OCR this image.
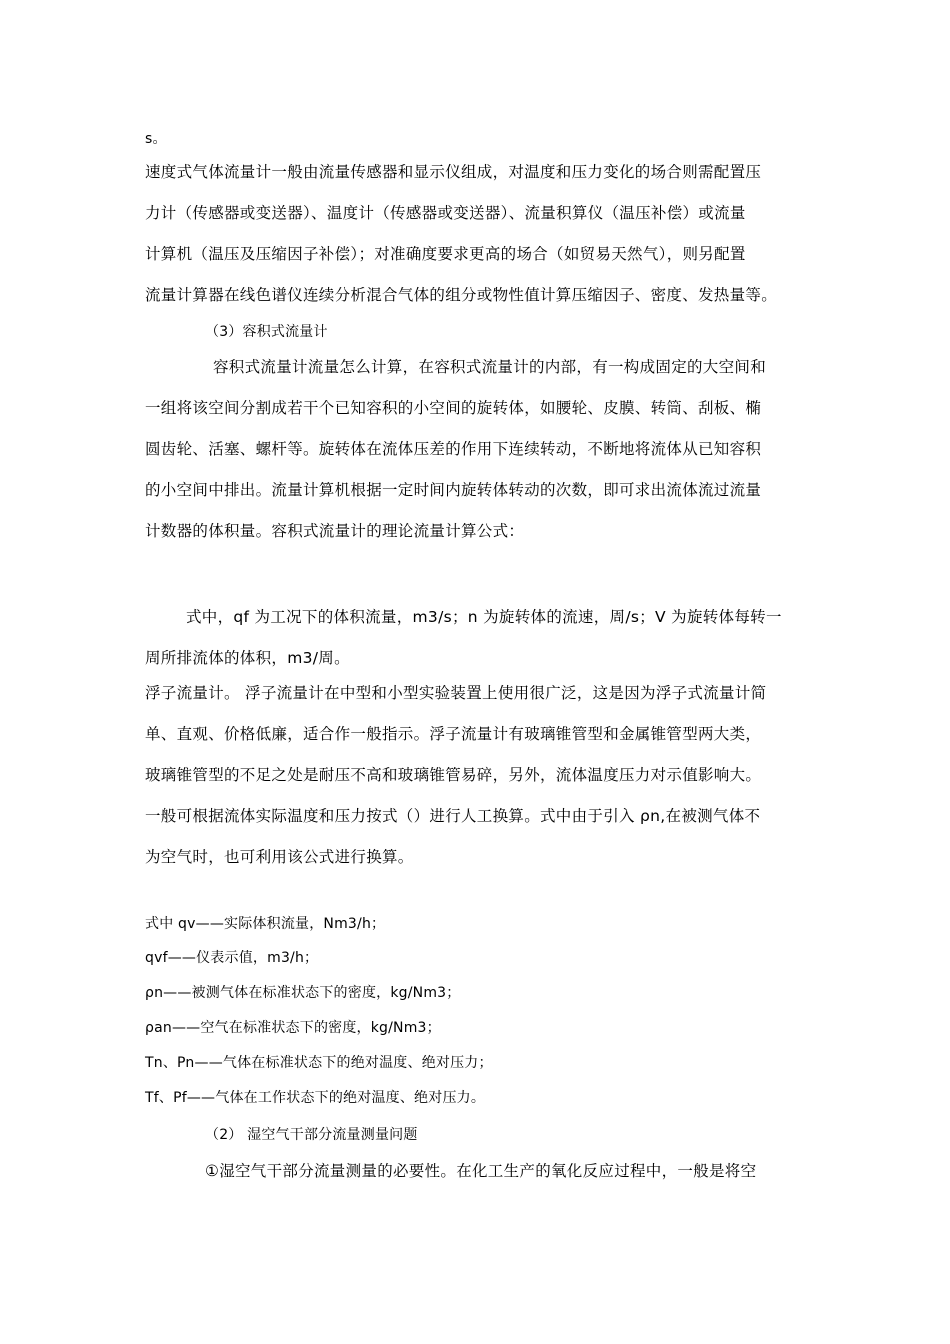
s。
速度式气体流量计一般由流量传感器和显示仪组成，对温度和压力变化的场合则需配置压
力计（传感器或变送器）、温度计（传感器或变送器）、流量积算仪（温压补偿）或流量
计算机（温压及压缩因子补偿）；对准确度要求更高的场合（如贸易天然气），则另配置
流量计算器在线色谱仪连续分析混合气体的组分或物性值计算压缩因子、密度、发热量等。
（3）容积式流量计
容积式流量计流量怎么计算，在容积式流量计的内部，有一构成固定的大空间和
一组将该空间分割成若干个已知容积的小空间的旋转体，如腰轮、皮膜、转筒、刮板、椭
圆齿轮、活塞、螺杆等。旋转体在流体压差的作用下连续转动，不断地将流体从已知容积
的小空间中排出。流量计算机根据一定时间内旋转体转动的次数，即可求出流体流过流量
计数器的体积量。容积式流量计的理论流量计算公式：
式中，qf 为工况下的体积流量，m3/s；n 为旋转体的流速，周/s；V 为旋转体每转一
周所排流体的体积，m3/周。
浮子流量计。 浮子流量计在中型和小型实验装置上使用很广泛，这是因为浮子式流量计简
单、直观、价格低廉，适合作一般指示。浮子流量计有玻璃锥管型和金属锥管型两大类，
玻璃锥管型的不足之处是耐压不高和玻璃锥管易碎，另外，流体温度压力对示值影响大。
一般可根据流体实际温度和压力按式（）进行人工换算。式中由于引入 ρn,在被测气体不
为空气时，也可利用该公式进行换算。
式中 qv——实际体积流量，Nm3/h；
qvf——仪表示值，m3/h；
ρn——被测气体在标准状态下的密度，kg/Nm3；
ρan——空气在标准状态下的密度，kg/Nm3；
Tn、Pn——气体在标准状态下的绝对温度、绝对压力；
Tf、Pf——气体在工作状态下的绝对温度、绝对压力。
（2） 湿空气干部分流量测量问题
①湿空气干部分流量测量的必要性。在化工生产的氧化反应过程中，一般是将空
